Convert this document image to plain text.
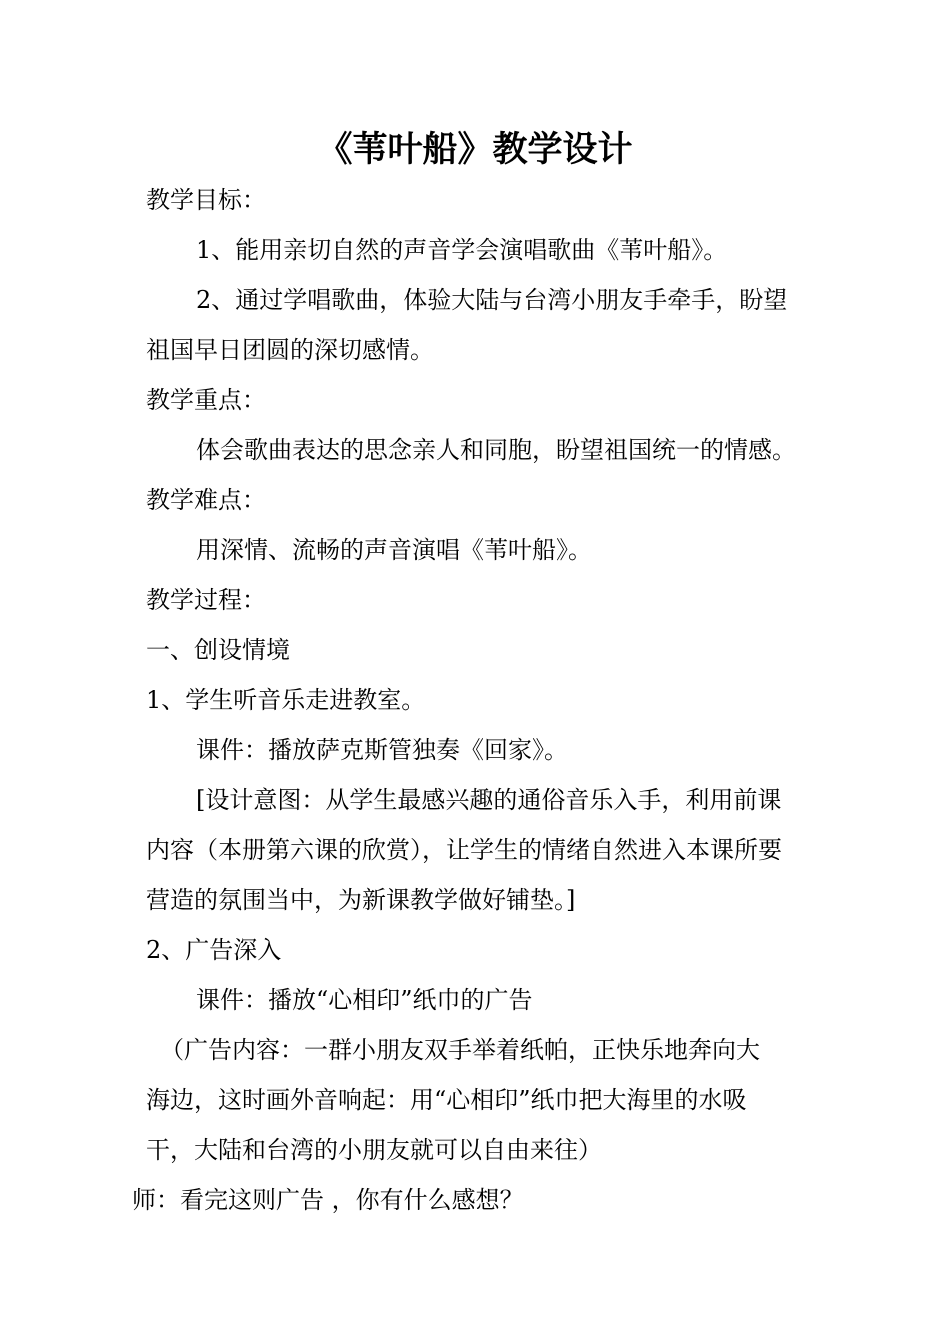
《苇叶船》教学设计
教学目标：
1、能用亲切自然的声音学会演唱歌曲《苇叶船》。
2、通过学唱歌曲，体验大陆与台湾小朋友手牵手，盼望
祖国早日团圆的深切感情。
教学重点：
体会歌曲表达的思念亲人和同胞，盼望祖国统一的情感。
教学难点：
用深情、流畅的声音演唱《苇叶船》。
教学过程：
一、创设情境
1、学生听音乐走进教室。
课件：播放萨克斯管独奏《回家》。
[设计意图：从学生最感兴趣的通俗音乐入手，利用前课
内容（本册第六课的欣赏），让学生的情绪自然进入本课所要
营造的氛围当中，为新课教学做好铺垫。]
2、广告深入
课件：播放“心相印”纸巾的广告
（广告内容：一群小朋友双手举着纸帕，正快乐地奔向大
海边，这时画外音响起：用“心相印”纸巾把大海里的水吸
干，大陆和台湾的小朋友就可以自由来往）
师：看完这则广告 ，你有什么感想？
